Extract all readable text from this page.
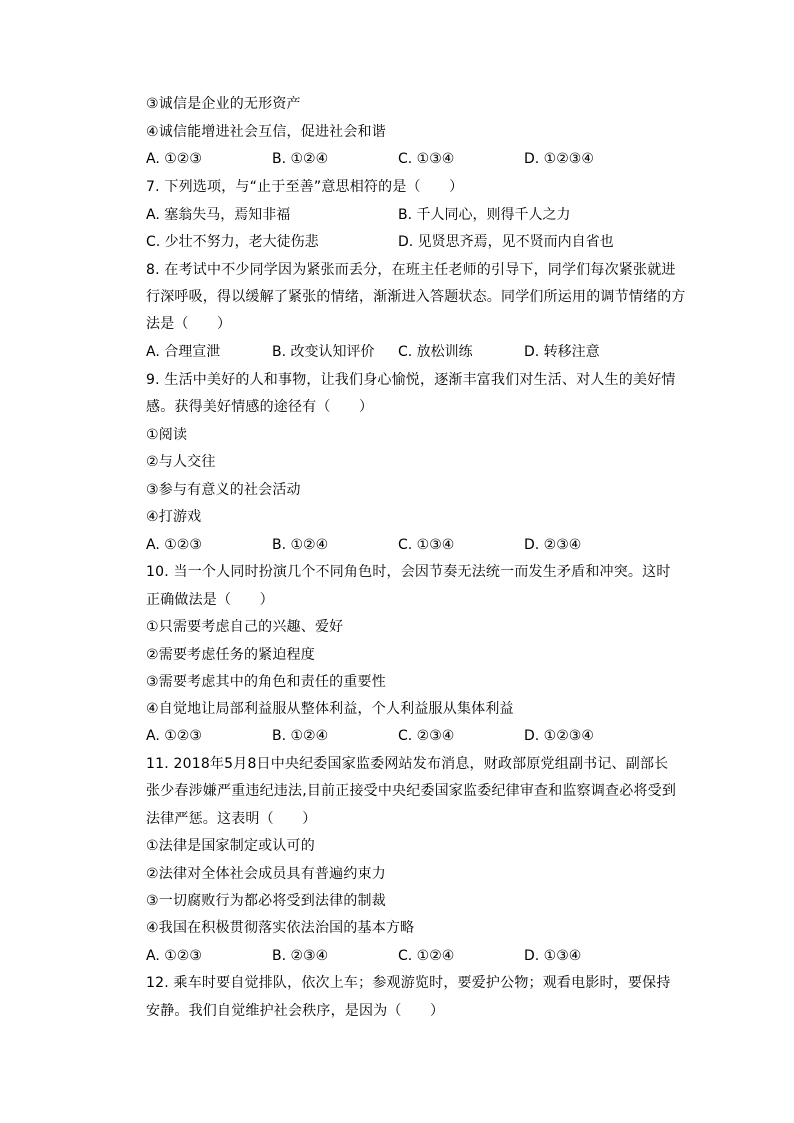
③诚信是企业的无形资产
④诚信能增进社会互信，促进社会和谐
A. ①②③	B. ①②④	C. ①③④	D. ①②③④
7. 下列选项，与“止于至善”意思相符的是（　　）
A. 塞翁失马，焉知非福	B. 千人同心，则得千人之力
C. 少壮不努力，老大徒伤悲	D. 见贤思齐焉，见不贤而内自省也
8. 在考试中不少同学因为紧张而丢分，在班主任老师的引导下，同学们每次紧张就进
行深呼吸，得以缓解了紧张的情绪，渐渐进入答题状态。同学们所运用的调节情绪的方
法是（　　）
A. 合理宣泄	B. 改变认知评价	C. 放松训练	D. 转移注意
9. 生活中美好的人和事物，让我们身心愉悦，逐渐丰富我们对生活、对人生的美好情
感。获得美好情感的途径有（　　）
①阅读
②与人交往
③参与有意义的社会活动
④打游戏
A. ①②③	B. ①②④	C. ①③④	D. ②③④
10. 当一个人同时扮演几个不同角色时，会因节奏无法统一而发生矛盾和冲突。这时
正确做法是（　　）
①只需要考虑自己的兴趣、爱好
②需要考虑任务的紧迫程度
③需要考虑其中的角色和责任的重要性
④自觉地让局部利益服从整体利益，个人利益服从集体利益
A. ①②③	B. ①②④	C. ②③④	D. ①②③④
11. 2018年5月8日中央纪委国家监委网站发布消息，财政部原党组副书记、副部长
张少春涉嫌严重违纪违法,目前正接受中央纪委国家监委纪律审查和监察调查必将受到
法律严惩。这表明（　　）
①法律是国家制定或认可的
②法律对全体社会成员具有普遍约束力
③一切腐败行为都必将受到法律的制裁
④我国在积极贯彻落实依法治国的基本方略
A. ①②③	B. ②③④	C. ①②④	D. ①③④
12. 乘车时要自觉排队，依次上车；参观游览时，要爱护公物；观看电影时，要保持
安静。我们自觉维护社会秩序，是因为（　　）
